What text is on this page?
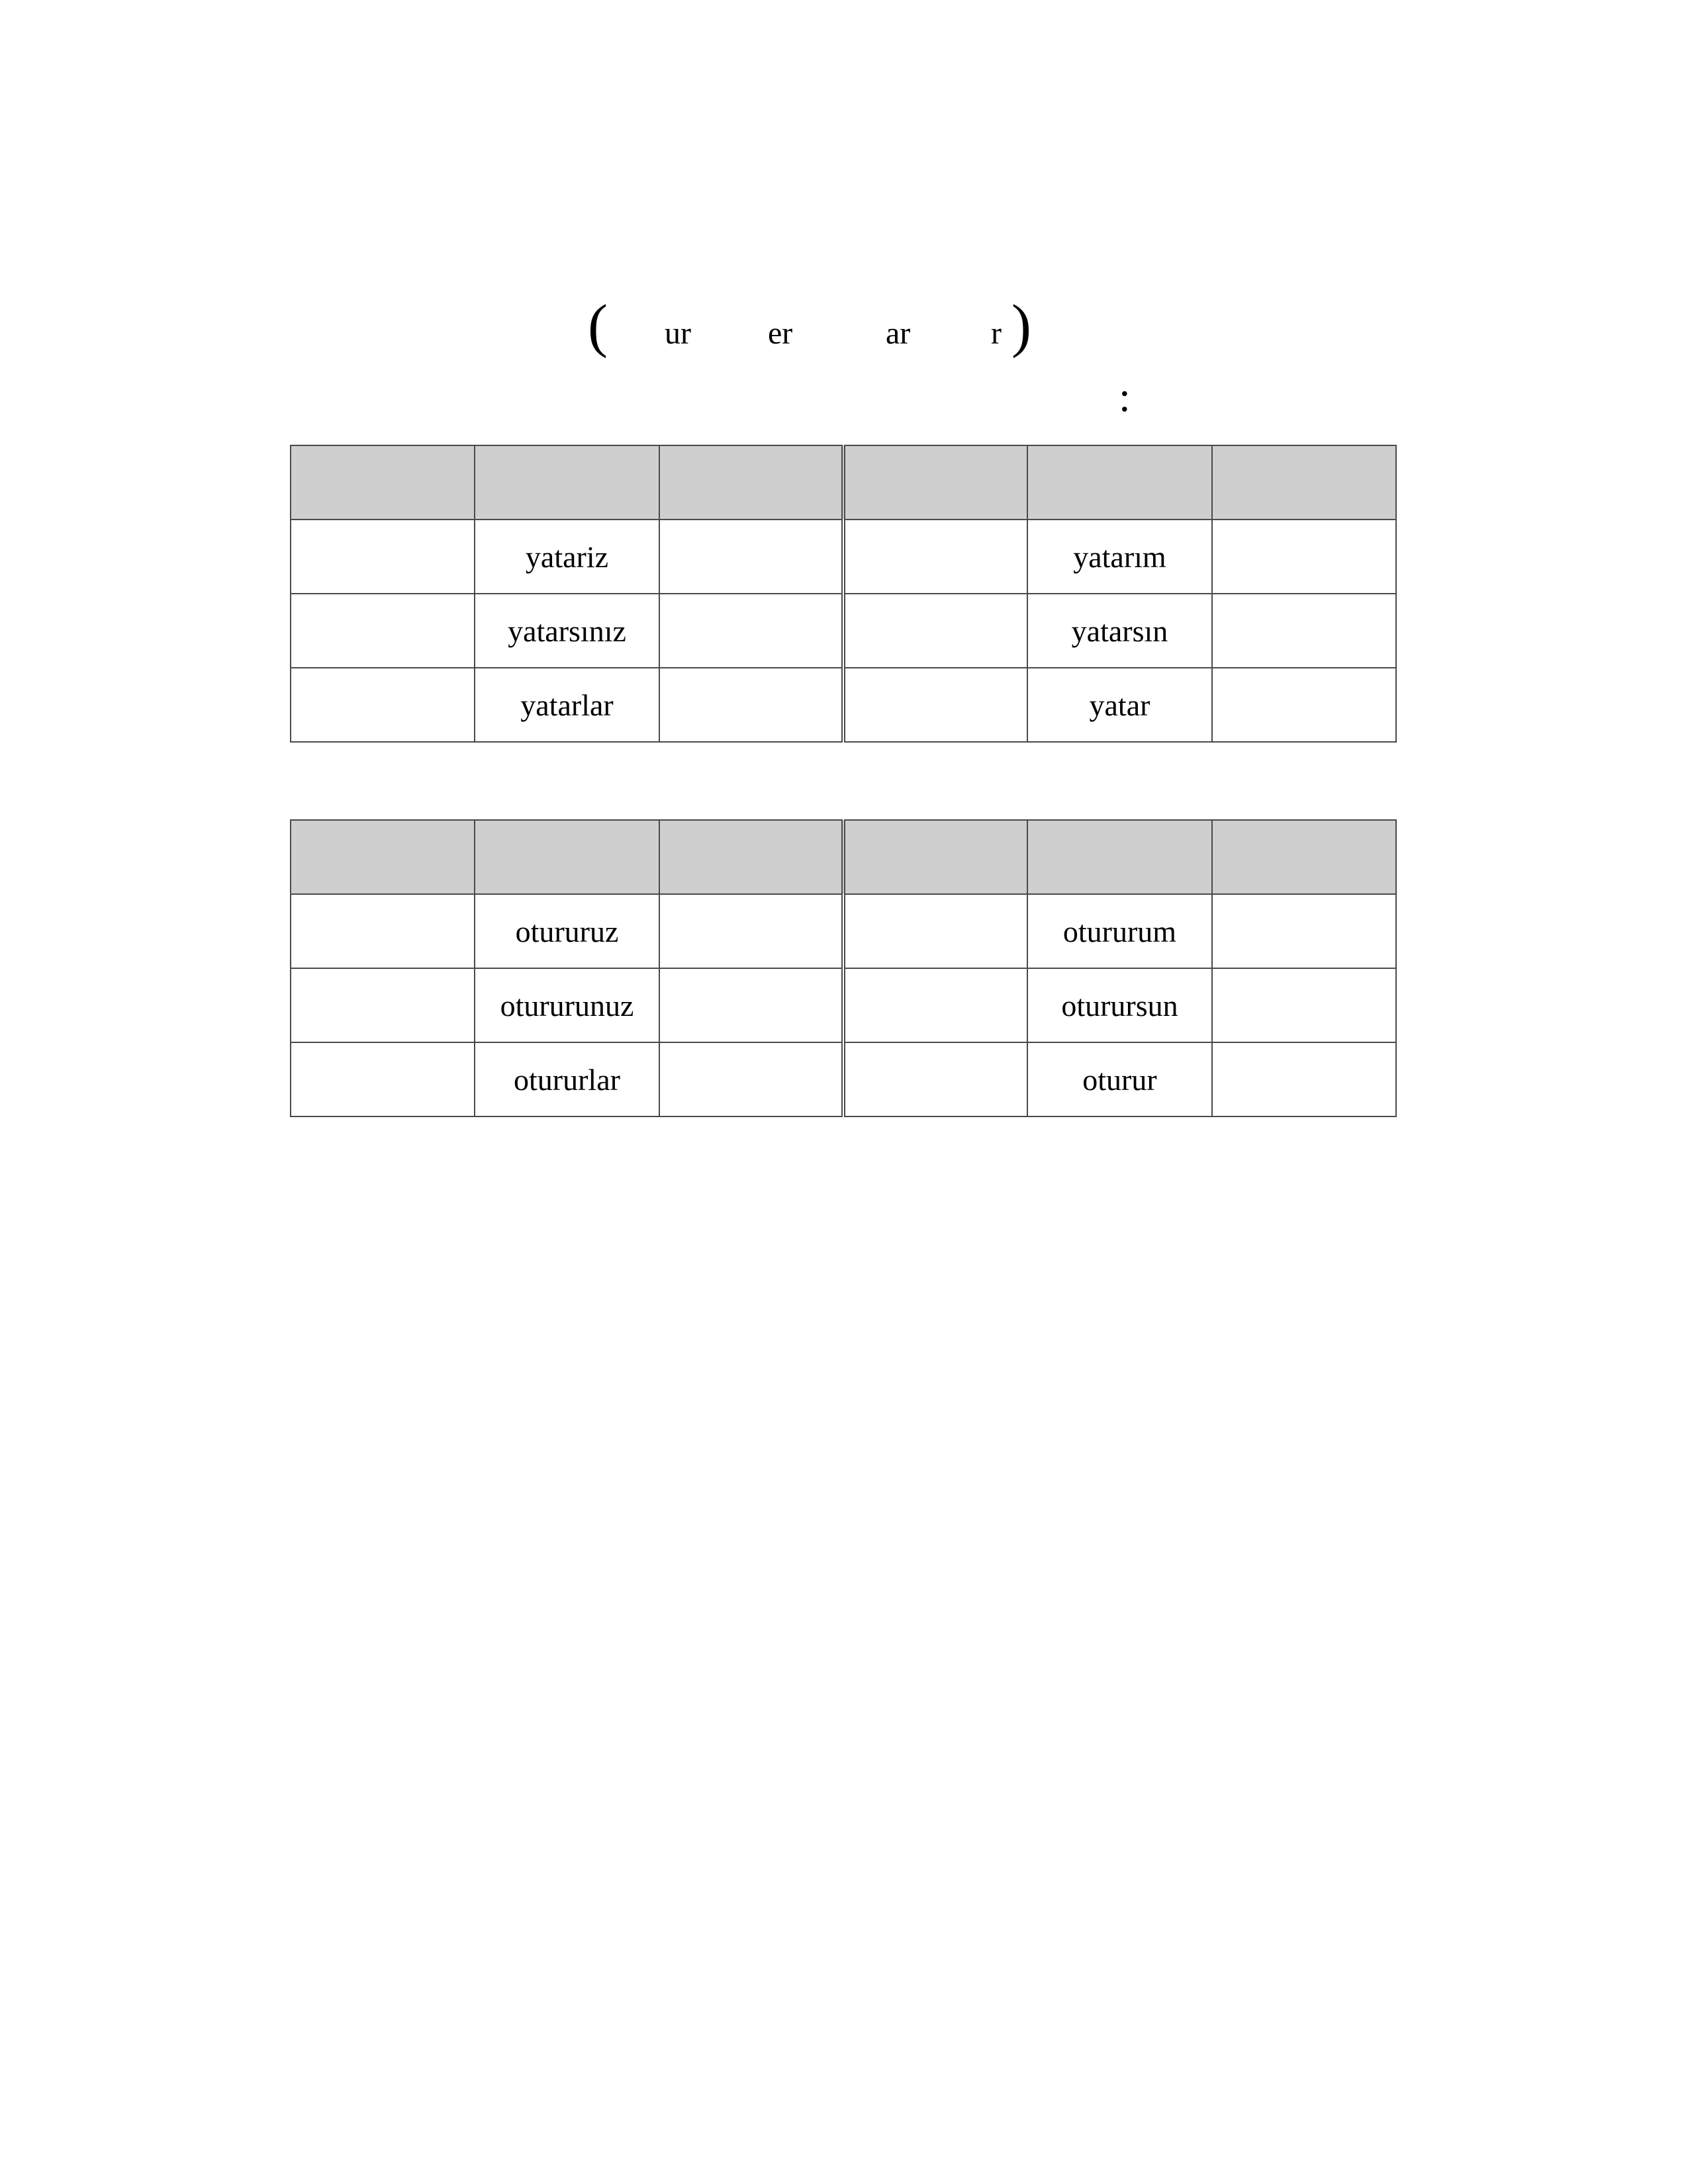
( ur er	ar	r )
:

	yatariz			yatarım	
	yatarsınız			yatarsın	
	yatarlar			yatar	

	otururuz			otururum	
	otururunuz			oturursun	
	otururlar			oturur	
